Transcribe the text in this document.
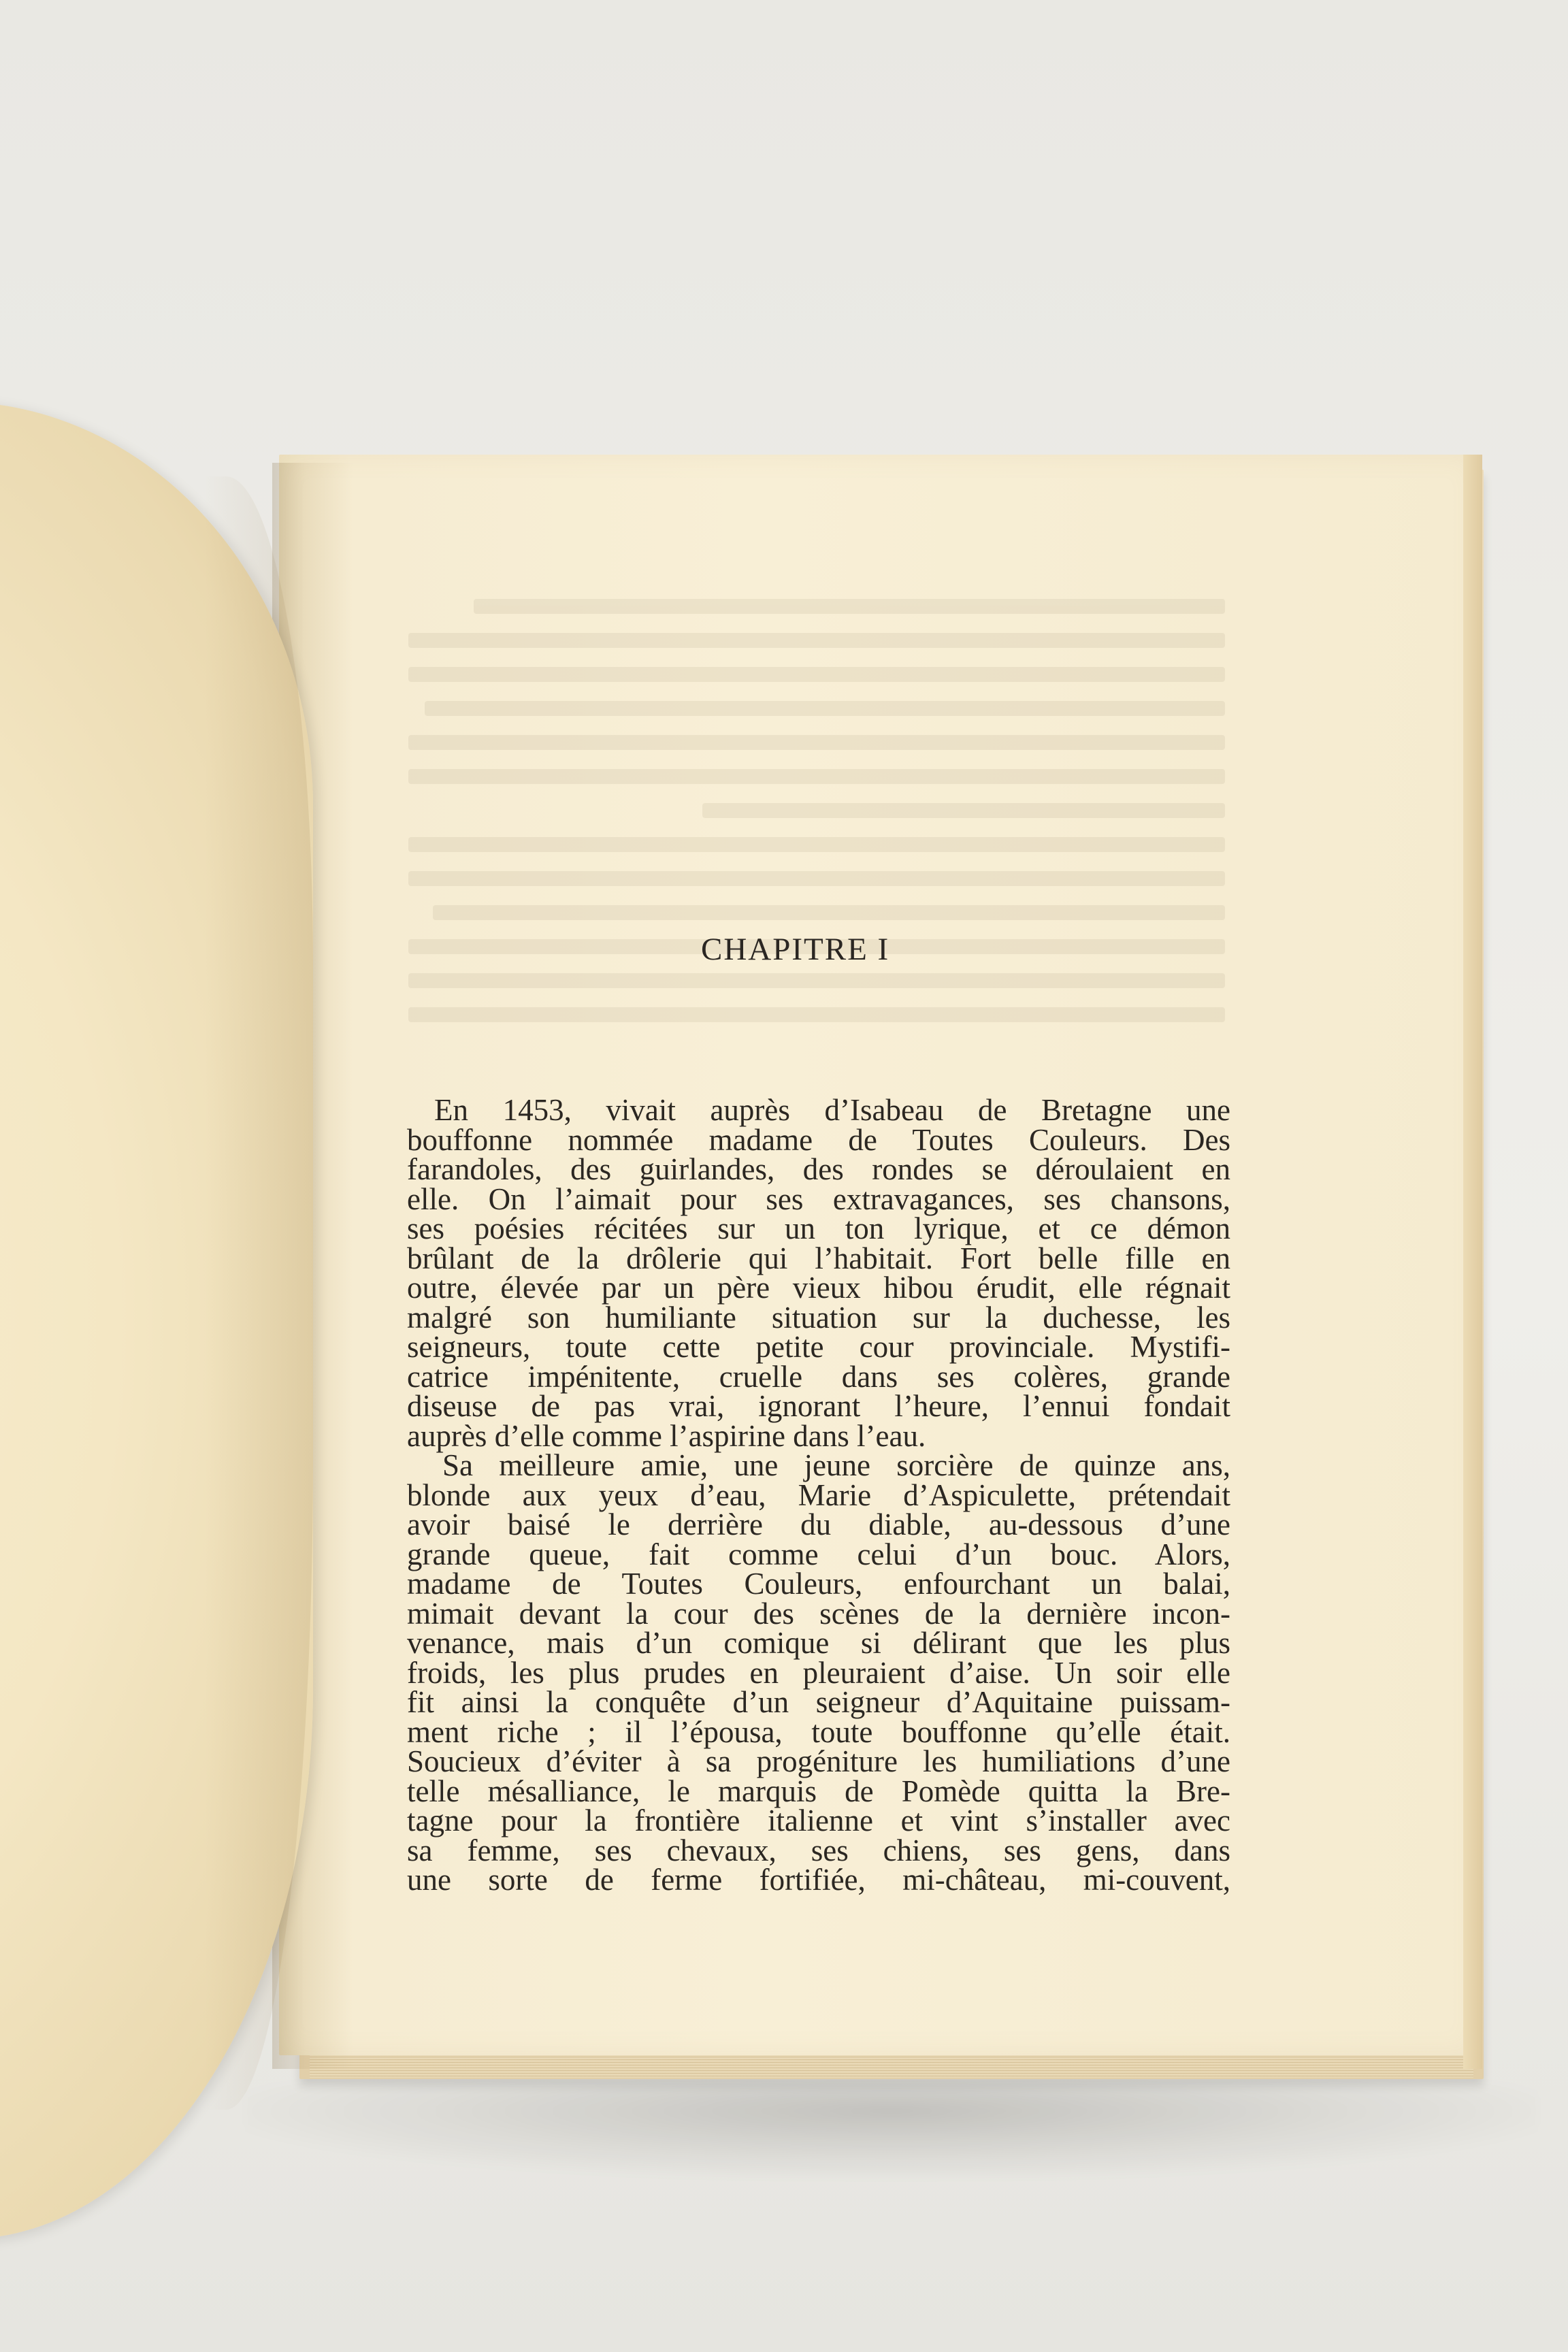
CHAPITRE I
En 1453, vivait auprès d’Isabeau de Bretagne une
bouffonne nommée madame de Toutes Couleurs. Des
farandoles, des guirlandes, des rondes se déroulaient en
elle. On l’aimait pour ses extravagances, ses chansons,
ses poésies récitées sur un ton lyrique, et ce démon
brûlant de la drôlerie qui l’habitait. Fort belle fille en
outre, élevée par un père vieux hibou érudit, elle régnait
malgré son humiliante situation sur la duchesse, les
seigneurs, toute cette petite cour provinciale. Mystifi-
catrice impénitente, cruelle dans ses colères, grande
diseuse de pas vrai, ignorant l’heure, l’ennui fondait
auprès d’elle comme l’aspirine dans l’eau.
Sa meilleure amie, une jeune sorcière de quinze ans,
blonde aux yeux d’eau, Marie d’Aspiculette, prétendait
avoir baisé le derrière du diable, au-dessous d’une
grande queue, fait comme celui d’un bouc. Alors,
madame de Toutes Couleurs, enfourchant un balai,
mimait devant la cour des scènes de la dernière incon-
venance, mais d’un comique si délirant que les plus
froids, les plus prudes en pleuraient d’aise. Un soir elle
fit ainsi la conquête d’un seigneur d’Aquitaine puissam-
ment riche ; il l’épousa, toute bouffonne qu’elle était.
Soucieux d’éviter à sa progéniture les humiliations d’une
telle mésalliance, le marquis de Pomède quitta la Bre-
tagne pour la frontière italienne et vint s’installer avec
sa femme, ses chevaux, ses chiens, ses gens, dans
une sorte de ferme fortifiée, mi-château, mi-couvent,
